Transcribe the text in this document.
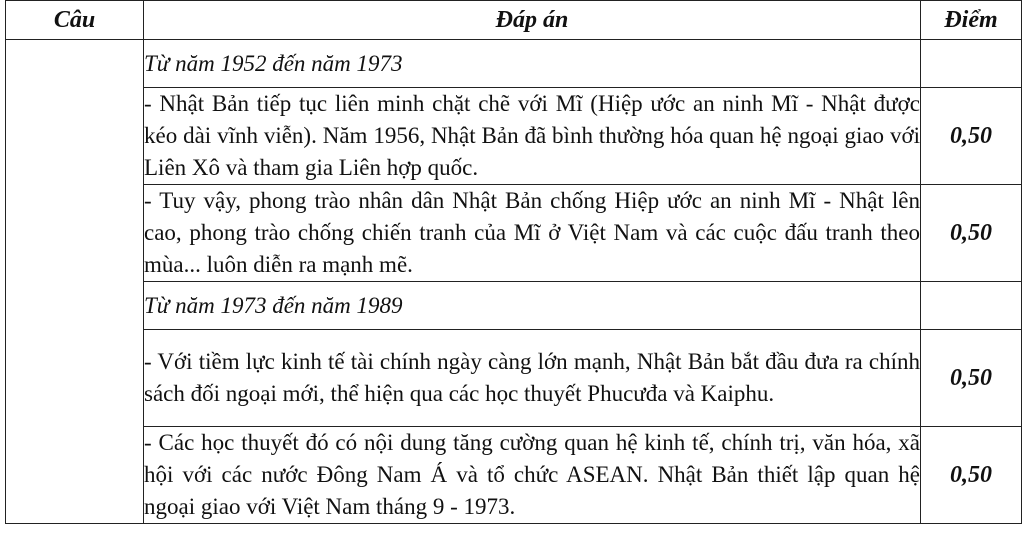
Câu	Đáp án	Điểm
	Từ năm 1952 đến năm 1973	
	- Nhật Bản tiếp tục liên minh chặt chẽ với Mĩ (Hiệp ước an ninh Mĩ - Nhật được kéo dài vĩnh viễn). Năm 1956, Nhật Bản đã bình thường hóa quan hệ ngoại giao với Liên Xô và tham gia Liên hợp quốc.	0,50
	- Tuy vậy, phong trào nhân dân Nhật Bản chống Hiệp ước an ninh Mĩ - Nhật lên cao, phong trào chống chiến tranh của Mĩ ở Việt Nam và các cuộc đấu tranh theo mùa... luôn diễn ra mạnh mẽ.	0,50
	Từ năm 1973 đến năm 1989	
	- Với tiềm lực kinh tế tài chính ngày càng lớn mạnh, Nhật Bản bắt đầu đưa ra chính sách đối ngoại mới, thể hiện qua các học thuyết Phucưđa và Kaiphu.	0,50
	- Các học thuyết đó có nội dung tăng cường quan hệ kinh tế, chính trị, văn hóa, xã hội với các nước Đông Nam Á và tổ chức ASEAN. Nhật Bản thiết lập quan hệ ngoại giao với Việt Nam tháng 9 - 1973.	0,50
